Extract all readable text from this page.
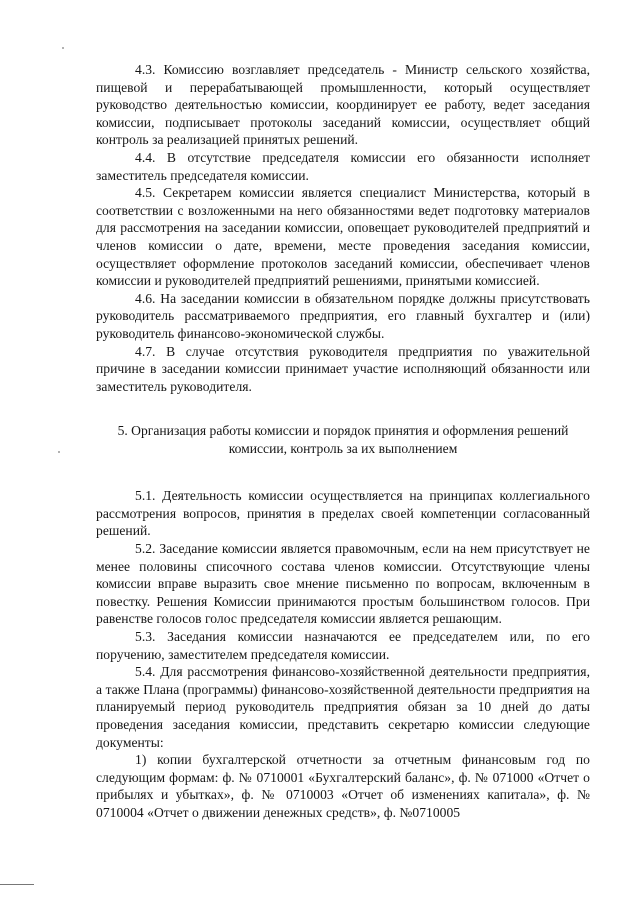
4.3. Комиссию возглавляет председатель - Министр сельского хозяйства, пищевой и перерабатывающей промышленности, который осуществляет руководство деятельностью комиссии, координирует ее работу, ведет заседания комиссии, подписывает протоколы заседаний комиссии, осуществляет общий контроль за реализацией принятых решений.

4.4. В отсутствие председателя комиссии его обязанности исполняет заместитель председателя комиссии.

4.5. Секретарем комиссии является специалист Министерства, который в соответствии с возложенными на него обязанностями ведет подготовку материалов для рассмотрения на заседании комиссии, оповещает руководителей предприятий и членов комиссии о дате, времени, месте проведения заседания комиссии, осуществляет оформление протоколов заседаний комиссии, обеспечивает членов комиссии и руководителей предприятий решениями, принятыми комиссией.

4.6. На заседании комиссии в обязательном порядке должны присутствовать руководитель рассматриваемого предприятия, его главный бухгалтер и (или) руководитель финансово-экономической службы.

4.7. В случае отсутствия руководителя предприятия по уважительной причине в заседании комиссии принимает участие исполняющий обязанности или заместитель руководителя.

5. Организация работы комиссии и порядок принятия и оформления решений
комиссии, контроль за их выполнением

5.1. Деятельность комиссии осуществляется на принципах коллегиального рассмотрения вопросов, принятия в пределах своей компетенции согласованный решений.

5.2. Заседание комиссии является правомочным, если на нем присутствует не менее половины списочного состава членов комиссии. Отсутствующие члены комиссии вправе выразить свое мнение письменно по вопросам, включенным в повестку. Решения Комиссии принимаются простым большинством голосов. При равенстве голосов голос председателя комиссии является решающим.

5.3. Заседания комиссии назначаются ее председателем или, по его поручению, заместителем председателя комиссии.

5.4. Для рассмотрения финансово-хозяйственной деятельности предприятия, а также Плана (программы) финансово-хозяйственной деятельности предприятия на планируемый период руководитель предприятия обязан за 10 дней до даты проведения заседания комиссии, представить секретарю комиссии следующие документы:

1) копии бухгалтерской отчетности за отчетным финансовым год по следующим формам: ф. № 0710001 «Бухгалтерский баланс», ф. № 071000 «Отчет о прибылях и убытках», ф. № 0710003 «Отчет об изменениях капитала», ф. № 0710004 «Отчет о движении денежных средств», ф. №0710005
